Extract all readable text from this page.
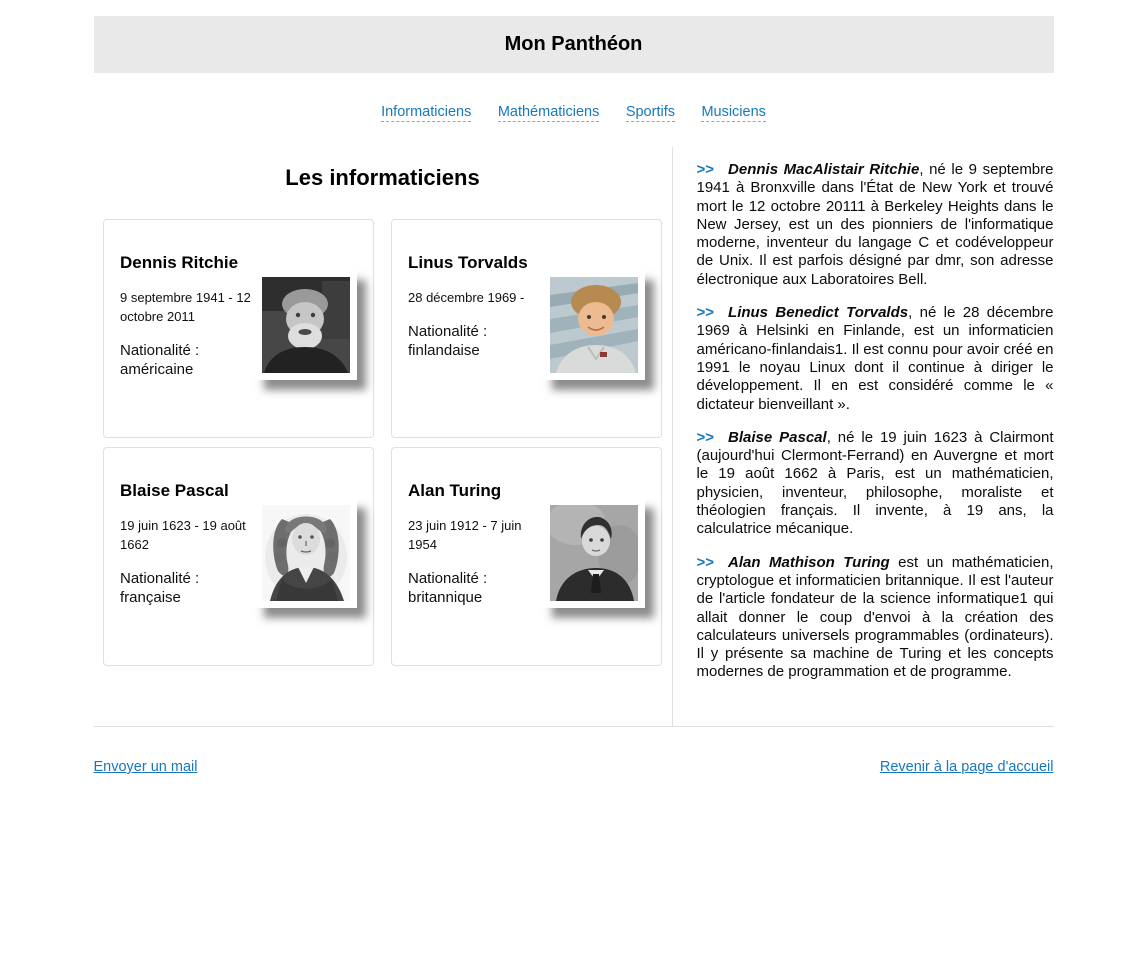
Mon Panthéon
Informaticiens Mathématiciens Sportifs Musiciens
Les informaticiens

Dennis Ritchie

9 septembre 1941 - 12 octobre 2011

Nationalité : américaine

Linus Torvalds

28 décembre 1969 -

Nationalité : finlandaise

Blaise Pascal

19 juin 1623 - 19 août 1662

Nationalité : française

Alan Turing

23 juin 1912 - 7 juin 1954

Nationalité : britannique

>> Dennis MacAlistair Ritchie, né le 9 septembre 1941 à Bronxville dans l'État de New York et trouvé mort le 12 octobre 20111 à Berkeley Heights dans le New Jersey, est un des pionniers de l'informatique moderne, inventeur du langage C et codéveloppeur de Unix. Il est parfois désigné par dmr, son adresse électronique aux Laboratoires Bell.

>> Linus Benedict Torvalds, né le 28 décembre 1969 à Helsinki en Finlande, est un informaticien américano-finlandais1. Il est connu pour avoir créé en 1991 le noyau Linux dont il continue à diriger le développement. Il en est considéré comme le « dictateur bienveillant ».

>> Blaise Pascal, né le 19 juin 1623 à Clairmont (aujourd'hui Clermont-Ferrand) en Auvergne et mort le 19 août 1662 à Paris, est un mathématicien, physicien, inventeur, philosophe, moraliste et théologien français. Il invente, à 19 ans, la calculatrice mécanique.

>> Alan Mathison Turing est un mathématicien, cryptologue et informaticien britannique. Il est l'auteur de l'article fondateur de la science informatique1 qui allait donner le coup d'envoi à la création des calculateurs universels programmables (ordinateurs). Il y présente sa machine de Turing et les concepts modernes de programmation et de programme.

Envoyer un mail	Revenir à la page d'accueil
